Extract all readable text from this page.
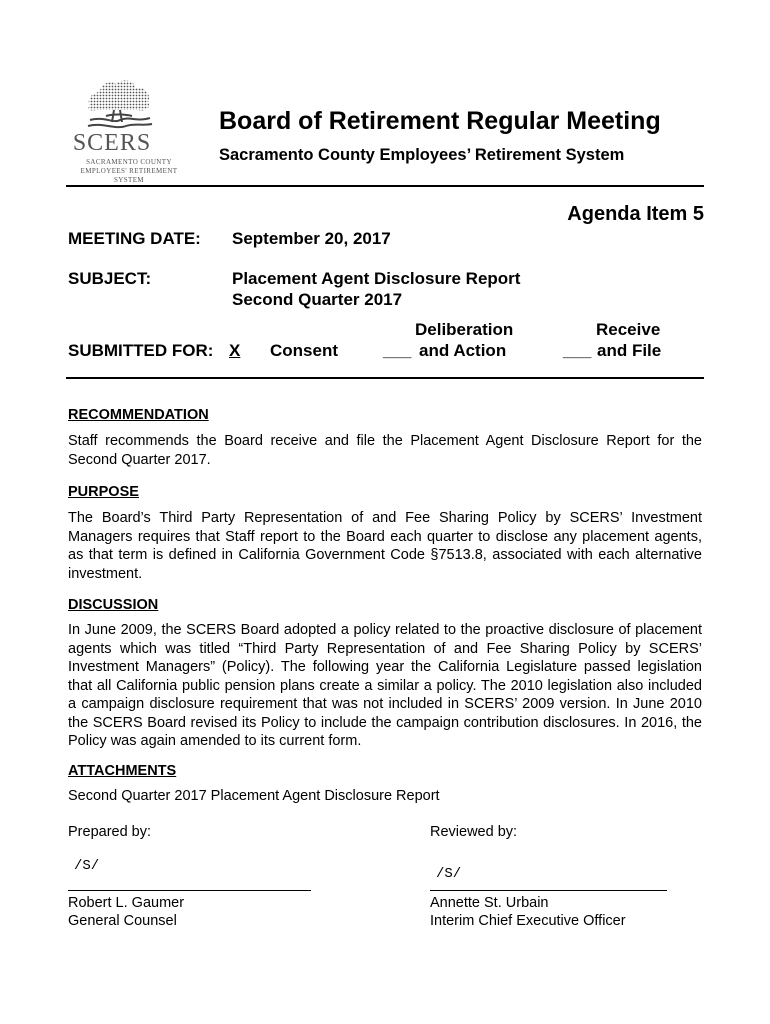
SCERS
SACRAMENTO COUNTY
EMPLOYEES' RETIREMENT SYSTEM
Board of Retirement Regular Meeting
Sacramento County Employees’ Retirement System
Agenda Item 5
MEETING DATE: September 20, 2017
SUBJECT:	Placement Agent Disclosure Report
Second Quarter 2017
SUBMITTED FOR: X Consent
Deliberation
___ and Action
Receive
___ and File
RECOMMENDATION
Staff recommends the Board receive and file the Placement Agent Disclosure Report for the Second Quarter 2017.
PURPOSE
The Board’s Third Party Representation of and Fee Sharing Policy by SCERS’ Investment Managers requires that Staff report to the Board each quarter to disclose any placement agents, as that term is defined in California Government Code §7513.8, associated with each alternative investment.
DISCUSSION
In June 2009, the SCERS Board adopted a policy related to the proactive disclosure of placement agents which was titled “Third Party Representation of and Fee Sharing Policy by SCERS’ Investment Managers” (Policy). The following year the California Legislature passed legislation that all California public pension plans create a similar a policy. The 2010 legislation also included a campaign disclosure requirement that was not included in SCERS’ 2009 version. In June 2010 the SCERS Board revised its Policy to include the campaign contribution disclosures. In 2016, the Policy was again amended to its current form.
ATTACHMENTS
Second Quarter 2017 Placement Agent Disclosure Report
Prepared by:
/S/
Robert L. Gaumer
General Counsel
Reviewed by:
/S/
Annette St. Urbain
Interim Chief Executive Officer
